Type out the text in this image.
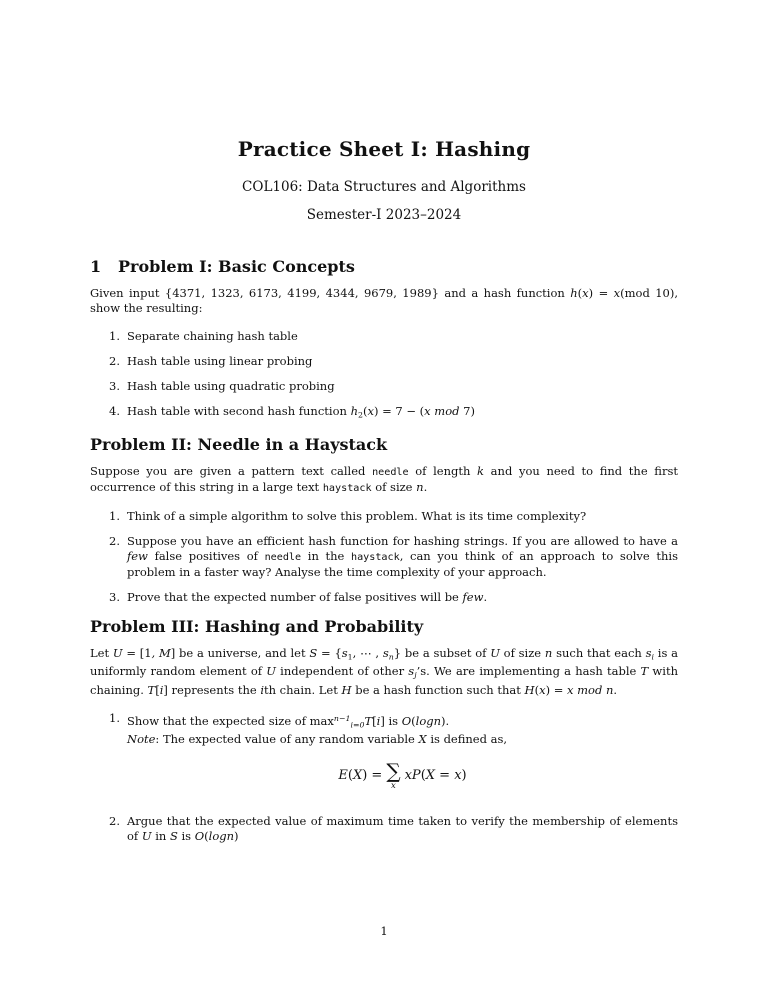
Practice Sheet I: Hashing
COL106: Data Structures and Algorithms
Semester-I 2023–2024
1 Problem I: Basic Concepts

Given input {4371, 1323, 6173, 4199, 4344, 9679, 1989} and a hash function h(x) = x(mod 10), show the resulting:

1. Separate chaining hash table

2. Hash table using linear probing

3. Hash table using quadratic probing

4. Hash table with second hash function $h_2(x) = 7 - (x$ mod 7)

Problem II: Needle in a Haystack

Suppose you are given a pattern text called needle of length k and you need to find the first occurrence of this string in a large text haystack of size n.

1. Think of a simple algorithm to solve this problem. What is its time complexity?

2. Suppose you have an efficient hash function for hashing strings. If you are allowed to have a few false positives of needle in the haystack, can you think of an approach to solve this problem in a faster way? Analyse the time complexity of your approach.

3. Prove that the expected number of false positives will be few.

Problem III: Hashing and Probability

Let U = [1, M] be a universe, and let $S = \{s_1$, ⋯ , $s_n$} be a subset of U of size n such that each $s_i$ is a uniformly random element of U independent of other $s_j’s$. We are implementing a hash table T with chaining. T[i] represents the ith chain. Let H be a hash function such that H(x) = x mod n.

1. Show that the expected size of $\max^{n-1}_{i=0}T[i]$ is O(logn).

Note: The expected value of any random variable X is defined as,

E(X) = ∑
x
xP(X = x)
2. Argue that the expected value of maximum time taken to verify the membership of elements of U in S is O(logn)

1
